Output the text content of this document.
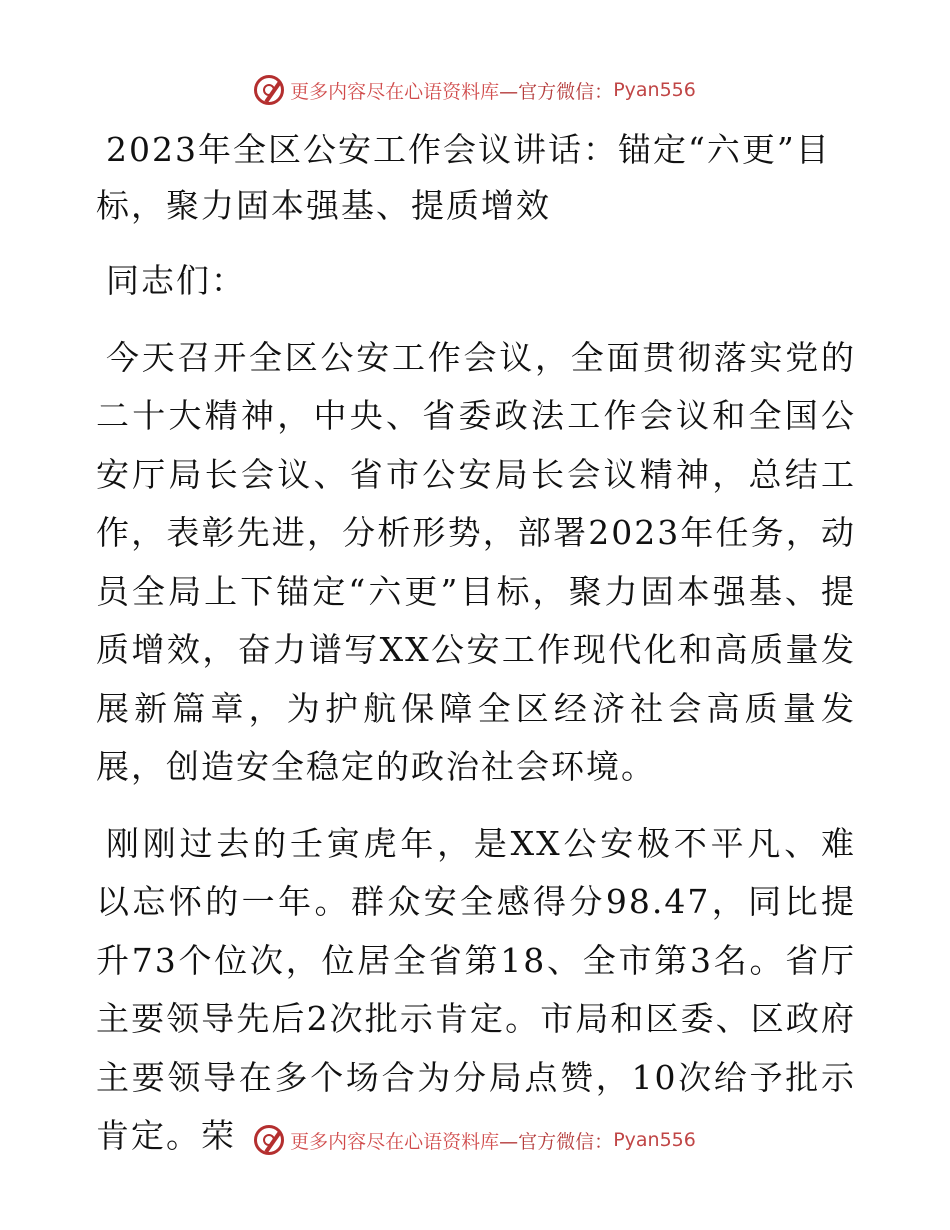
更多内容尽在心语资料库 —官方微信： Pyan556
2023年全区公安工作会议讲话：锚定“六更”目标，聚力固本强基、提质增效

同志们：

今天召开全区公安工作会议，全面贯彻落实党的二十大精神，中央、省委政法工作会议和全国公安厅局长会议、省市公安局长会议精神，总结工作，表彰先进，分析形势，部署2023年任务，动员全局上下锚定“六更”目标，聚力固本强基、提质增效，奋力谱写XX公安工作现代化和高质量发展新篇章，为护航保障全区经济社会高质量发展，创造安全稳定的政治社会环境。

刚刚过去的壬寅虎年，是XX公安极不平凡、难以忘怀的一年。群众安全感得分98.47，同比提升73个位次，位居全省第18、全市第3名。省厅主要领导先后2次批示肯定。市局和区委、区政府主要领导在多个场合为分局点赞，10次给予批示肯定。荣	更多内容尽在心语资料库 —官方微信： Pyan556
